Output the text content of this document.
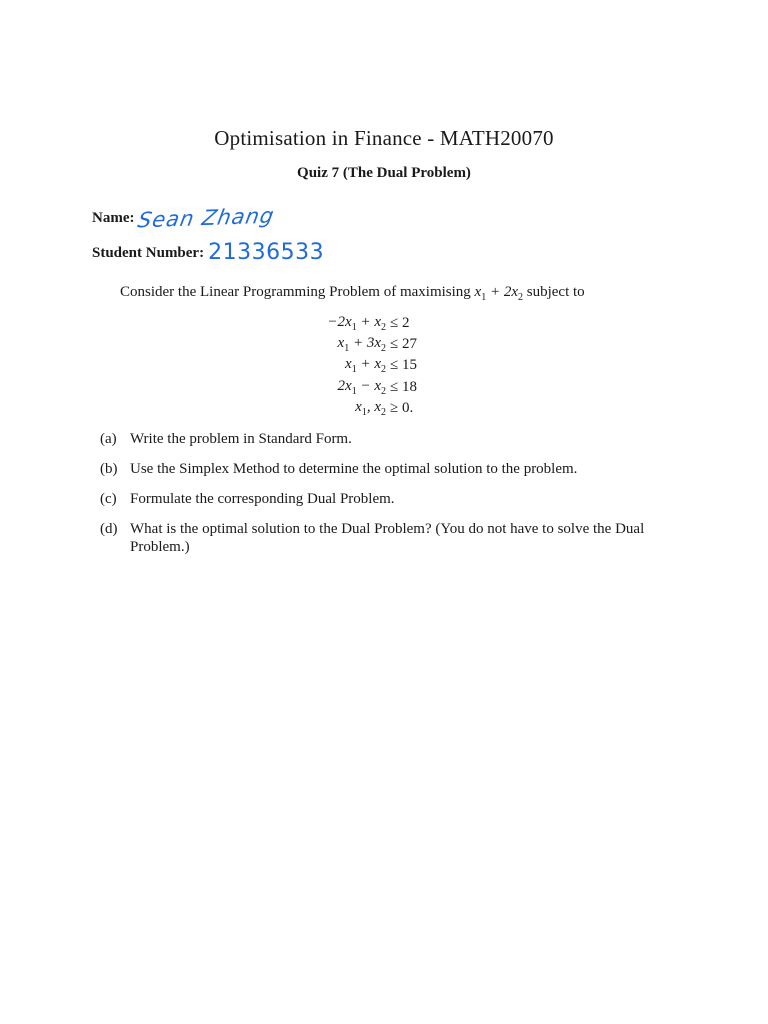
Optimisation in Finance - MATH20070
Quiz 7 (The Dual Problem)
Name: Sean Zhang
Student Number: 21336533
Consider the Linear Programming Problem of maximising $x_1 + 2x_2$ subject to
$-2x_1 + x_2 \le 2$
$x_1 + 3x_2 \le 27$
$x_1 + x_2 \le 15$
$2x_1 - x_2 \le 18$
$x_1$, $x_2 \ge 0$.
(a) Write the problem in Standard Form.
(b) Use the Simplex Method to determine the optimal solution to the problem.
(c) Formulate the corresponding Dual Problem.
(d) What is the optimal solution to the Dual Problem? (You do not have to solve the Dual Problem.)
